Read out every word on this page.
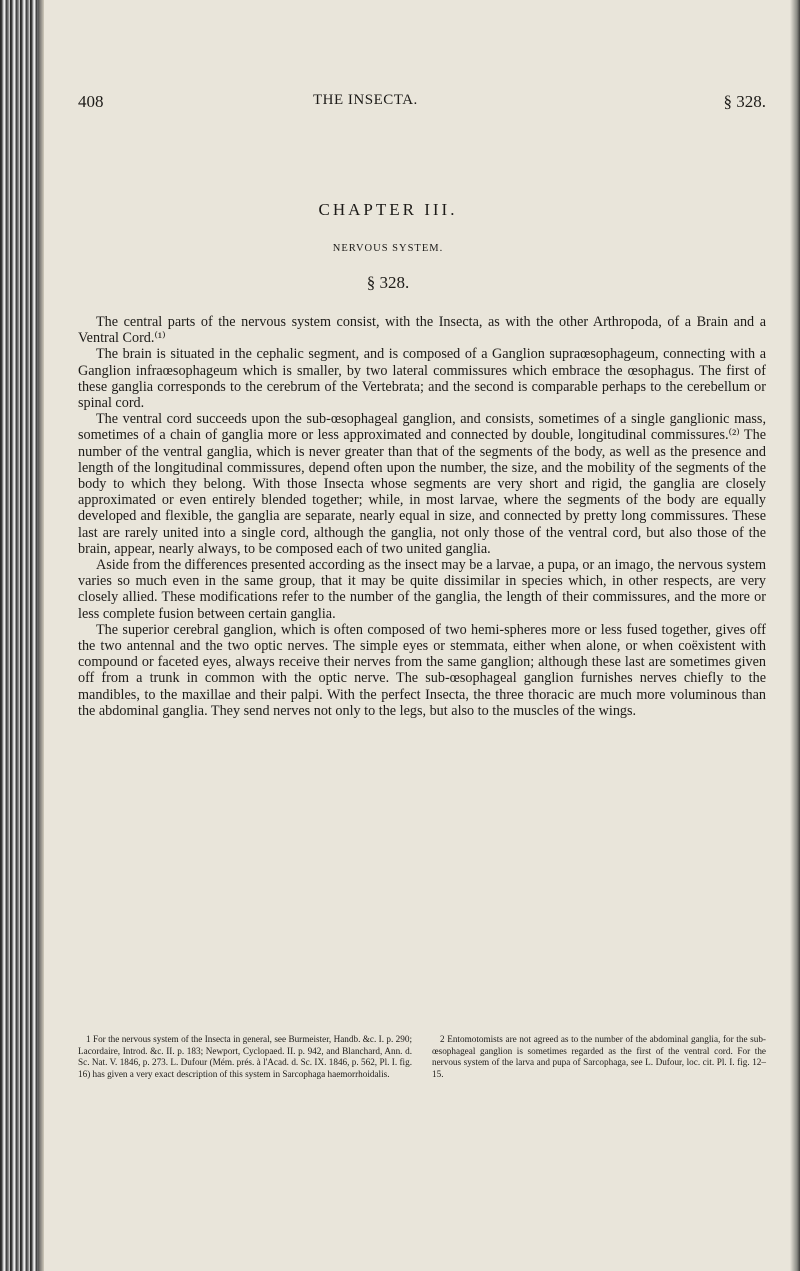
408	THE INSECTA.	§ 328.
CHAPTER III.
NERVOUS SYSTEM.
§ 328.

The central parts of the nervous system consist, with the Insecta, as with the other Arthropoda, of a Brain and a Ventral Cord.⁽¹⁾

The brain is situated in the cephalic segment, and is composed of a Ganglion supraœsophageum, connecting with a Ganglion infraœsophageum which is smaller, by two lateral commissures which embrace the œsophagus. The first of these ganglia corresponds to the cerebrum of the Vertebrata; and the second is comparable perhaps to the cerebellum or spinal cord.

The ventral cord succeeds upon the sub-œsophageal ganglion, and consists, sometimes of a single ganglionic mass, sometimes of a chain of ganglia more or less approximated and connected by double, longitudinal commissures.⁽²⁾ The number of the ventral ganglia, which is never greater than that of the segments of the body, as well as the presence and length of the longitudinal commissures, depend often upon the number, the size, and the mobility of the segments of the body to which they belong. With those Insecta whose segments are very short and rigid, the ganglia are closely approximated or even entirely blended together; while, in most larvae, where the segments of the body are equally developed and flexible, the ganglia are separate, nearly equal in size, and connected by pretty long commissures. These last are rarely united into a single cord, although the ganglia, not only those of the ventral cord, but also those of the brain, appear, nearly always, to be composed each of two united ganglia.

Aside from the differences presented according as the insect may be a larvae, a pupa, or an imago, the nervous system varies so much even in the same group, that it may be quite dissimilar in species which, in other respects, are very closely allied. These modifications refer to the number of the ganglia, the length of their commissures, and the more or less complete fusion between certain ganglia.

The superior cerebral ganglion, which is often composed of two hemi-spheres more or less fused together, gives off the two antennal and the two optic nerves. The simple eyes or stemmata, either when alone, or when coëxistent with compound or faceted eyes, always receive their nerves from the same ganglion; although these last are sometimes given off from a trunk in common with the optic nerve. The sub-œsophageal ganglion furnishes nerves chiefly to the mandibles, to the maxillae and their palpi. With the perfect Insecta, the three thoracic are much more voluminous than the abdominal ganglia. They send nerves not only to the legs, but also to the muscles of the wings.

1 For the nervous system of the Insecta in general, see Burmeister, Handb. &c. I. p. 290; Lacordaire, Introd. &c. II. p. 183; Newport, Cyclopaed. II. p. 942, and Blanchard, Ann. d. Sc. Nat. V. 1846, p. 273. L. Dufour (Mém. prés. à l'Acad. d. Sc. IX. 1846, p. 562, Pl. I. fig. 16) has given a very exact description of this system in Sarcophaga haemorrhoidalis.

2 Entomotomists are not agreed as to the number of the abdominal ganglia, for the sub-œsophageal ganglion is sometimes regarded as the first of the ventral cord. For the nervous system of the larva and pupa of Sarcophaga, see L. Dufour, loc. cit. Pl. I. fig. 12–15.
